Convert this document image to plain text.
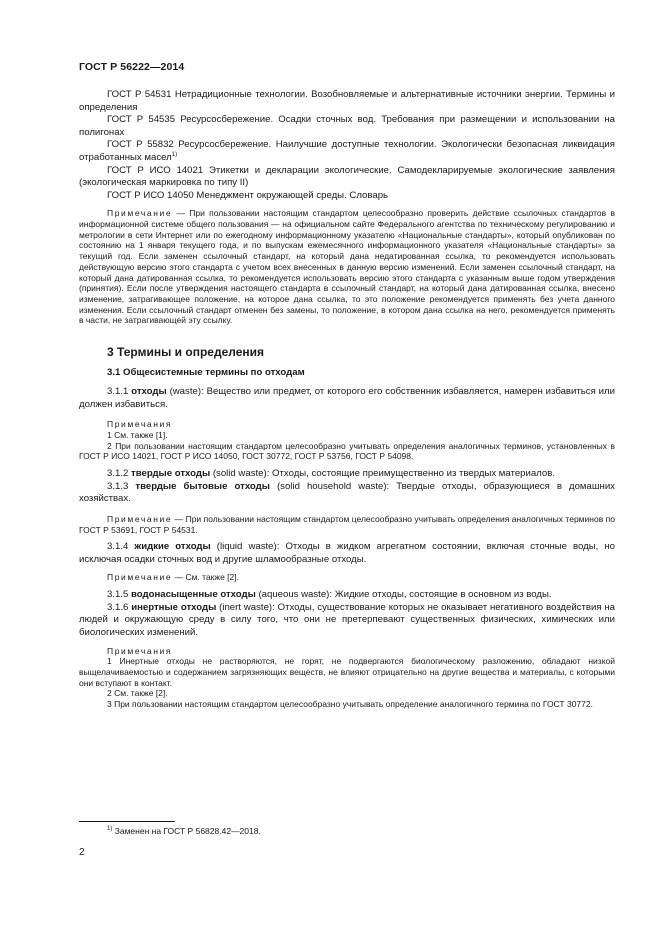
ГОСТ Р 56222—2014

ГОСТ Р 54531 Нетрадиционные технологии. Возобновляемые и альтернативные источники энергии. Термины и определения

ГОСТ Р 54535 Ресурсосбережение. Осадки сточных вод. Требования при размещении и использовании на полигонах

ГОСТ Р 55832 Ресурсосбережение. Наилучшие доступные технологии. Экологически безопасная ликвидация отработанных масел$^{1)}$

ГОСТ Р ИСО 14021 Этикетки и декларации экологические. Самодекларируемые экологические заявления (экологическая маркировка по типу II)

ГОСТ Р ИСО 14050 Менеджмент окружающей среды. Словарь

Примечание — При пользовании настоящим стандартом целесообразно проверить действие ссылочных стандартов в информационной системе общего пользования — на официальном сайте Федерального агентства по техническому регулированию и метрологии в сети Интернет или по ежегодному информационному указателю «Национальные стандарты», который опубликован по состоянию на 1 января текущего года, и по выпускам ежемесячного информационного указателя «Национальные стандарты» за текущий год. Если заменен ссылочный стандарт, на который дана недатированная ссылка, то рекомендуется использовать действующую версию этого стандарта с учетом всех внесенных в данную версию изменений. Если заменен ссылочный стандарт, на который дана датированная ссылка, то рекомендуется использовать версию этого стандарта с указанным выше годом утверждения (принятия). Если после утверждения настоящего стандарта в ссылочный стандарт, на который дана датированная ссылка, внесено изменение, затрагивающее положение, на которое дана ссылка, то это положение рекомендуется применять без учета данного изменения. Если ссылочный стандарт отменен без замены, то положение, в котором дана ссылка на него, рекомендуется применять в части, не затрагивающей эту ссылку.

3 Термины и определения
3.1 Общесистемные термины по отходам

3.1.1 отходы (waste): Вещество или предмет, от которого его собственник избавляется, намерен избавиться или должен избавиться.

Примечания

1 См. также [1].

2 При пользовании настоящим стандартом целесообразно учитывать определения аналогичных терминов, установленных в ГОСТ Р ИСО 14021, ГОСТ Р ИСО 14050, ГОСТ 30772, ГОСТ Р 53756, ГОСТ Р 54098.

3.1.2 твердые отходы (solid waste): Отходы, состоящие преимущественно из твердых материалов.

3.1.3 твердые бытовые отходы (solid household waste): Твердые отходы, образующиеся в домашних хозяйствах.

Примечание — При пользовании настоящим стандартом целесообразно учитывать определения аналогичных терминов по ГОСТ Р 53691, ГОСТ Р 54531.

3.1.4 жидкие отходы (liquid waste): Отходы в жидком агрегатном состоянии, включая сточные воды, но исключая осадки сточных вод и другие шламообразные отходы.

Примечание — См. также [2].

3.1.5 водонасыщенные отходы (aqueous waste): Жидкие отходы, состоящие в основном из воды.

3.1.6 инертные отходы (inert waste): Отходы, существование которых не оказывает негативного воздействия на людей и окружающую среду в силу того, что они не претерпевают существенных физических, химических или биологических изменений.

Примечания

1 Инертные отходы не растворяются, не горят, не подвергаются биологическому разложению, обладают низкой выщелачиваемостью и содержанием загрязняющих веществ, не влияют отрицательно на другие вещества и материалы, с которыми они вступают в контакт.

2 См. также [2].

3 При пользовании настоящим стандартом целесообразно учитывать определение аналогичного термина по ГОСТ 30772.

$^{1)}$ Заменен на ГОСТ Р 56828.42—2018.
2
